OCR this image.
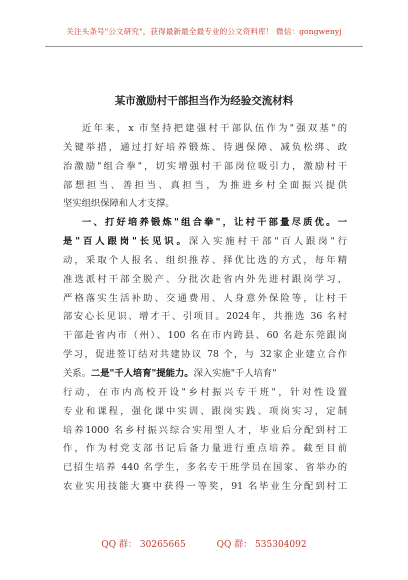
关注头条号"公文研究"，获得最新最全最专业的公文资料库！ 微信：gongwenyj
某市激励村干部担当作为经验交流材料
近年来，x 市坚持把建强村干部队伍作为"强双基"的
关键举措，通过打好培养锻炼、待遇保障、减负松绑、政
治激励"组合拳"，切实增强村干部岗位吸引力，激励村干
部想担当、善担当、真担当，为推进乡村全面振兴提供
坚实组织保障和人才支撑。
一、打好培养锻炼"组合拳"，让村干部量尽质优。一
是"百人跟岗"长见识。深入实施村干部"百人跟岗"行
动，采取个人报名、组织推荐、择优比选的方式，每年精
准选派村干部全脱产、分批次赴省内外先进村跟岗学习，
严格落实生活补助、交通费用、人身意外保险等，让村干
部安心长见识、增才干、引项目。2024年，共推选 36 名村
干部赴省内市（州）、100 名在市内跨县、60 名赴东莞跟岗
学习，促进签订结对共建协议 78 个，与 32家企业建立合作
关系。二是"千人培育"提能力。深入实施"千人培育"
行动，在市内高校开设"乡村振兴专干班"，针对性设置
专业和课程，强化课中实训、跟岗实践、项岗实习，定制
培养1000 名乡村振兴综合实用型人才，毕业后分配到村工
作，作为村党支部书记后备力量进行重点培养。截至目前
已招生培养 440 名学生，多名专干班学员在国家、省举办的
农业实用技能大赛中获得一等奖，91 名毕业生分配到村工
QQ 群： 30265665	QQ 群： 535304092
